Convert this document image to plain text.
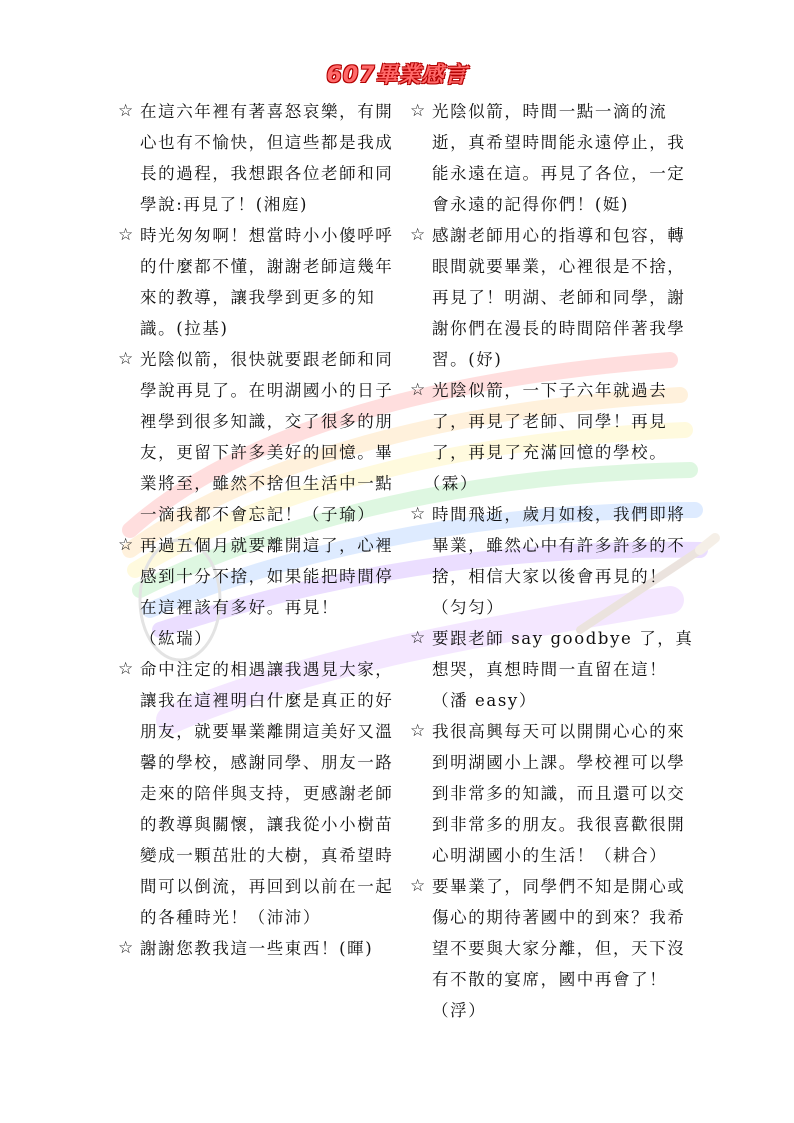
607畢業感言
☆ 在這六年裡有著喜怒哀樂，有開心也有不愉快，但這些都是我成長的過程，我想跟各位老師和同學說:再見了！(湘庭)
☆ 時光匆匆啊！想當時小小傻呼呼的什麼都不懂，謝謝老師這幾年來的教導，讓我學到更多的知識。(拉基)
☆ 光陰似箭，很快就要跟老師和同學說再見了。在明湖國小的日子裡學到很多知識，交了很多的朋友，更留下許多美好的回憶。畢業將至，雖然不捨但生活中一點一滴我都不會忘記！（子瑜）
☆ 再過五個月就要離開這了，心裡感到十分不捨，如果能把時間停在這裡該有多好。再見！（紘瑞）
☆ 命中注定的相遇讓我遇見大家，讓我在這裡明白什麼是真正的好朋友，就要畢業離開這美好又溫馨的學校，感謝同學、朋友一路走來的陪伴與支持，更感謝老師的教導與關懷，讓我從小小樹苗變成一顆茁壯的大樹，真希望時間可以倒流，再回到以前在一起的各種時光！（沛沛）
☆ 謝謝您教我這一些東西！(暉)
☆ 光陰似箭，時間一點一滴的流逝，真希望時間能永遠停止，我能永遠在這。再見了各位，一定會永遠的記得你們！(娗)
☆ 感謝老師用心的指導和包容，轉眼間就要畢業，心裡很是不捨，再見了！明湖、老師和同學，謝謝你們在漫長的時間陪伴著我學習。(妤)
☆ 光陰似箭，一下子六年就過去了，再見了老師、同學！再見了，再見了充滿回憶的學校。（霖）
☆ 時間飛逝，歲月如梭，我們即將畢業，雖然心中有許多許多的不捨，相信大家以後會再見的！（匀匀）
☆ 要跟老師 say goodbye 了，真想哭，真想時間一直留在這！（潘 easy）
☆ 我很高興每天可以開開心心的來到明湖國小上課。學校裡可以學到非常多的知識，而且還可以交到非常多的朋友。我很喜歡很開心明湖國小的生活！（耕合）
☆ 要畢業了，同學們不知是開心或傷心的期待著國中的到來？我希望不要與大家分離，但，天下沒有不散的宴席，國中再會了！（浮）
